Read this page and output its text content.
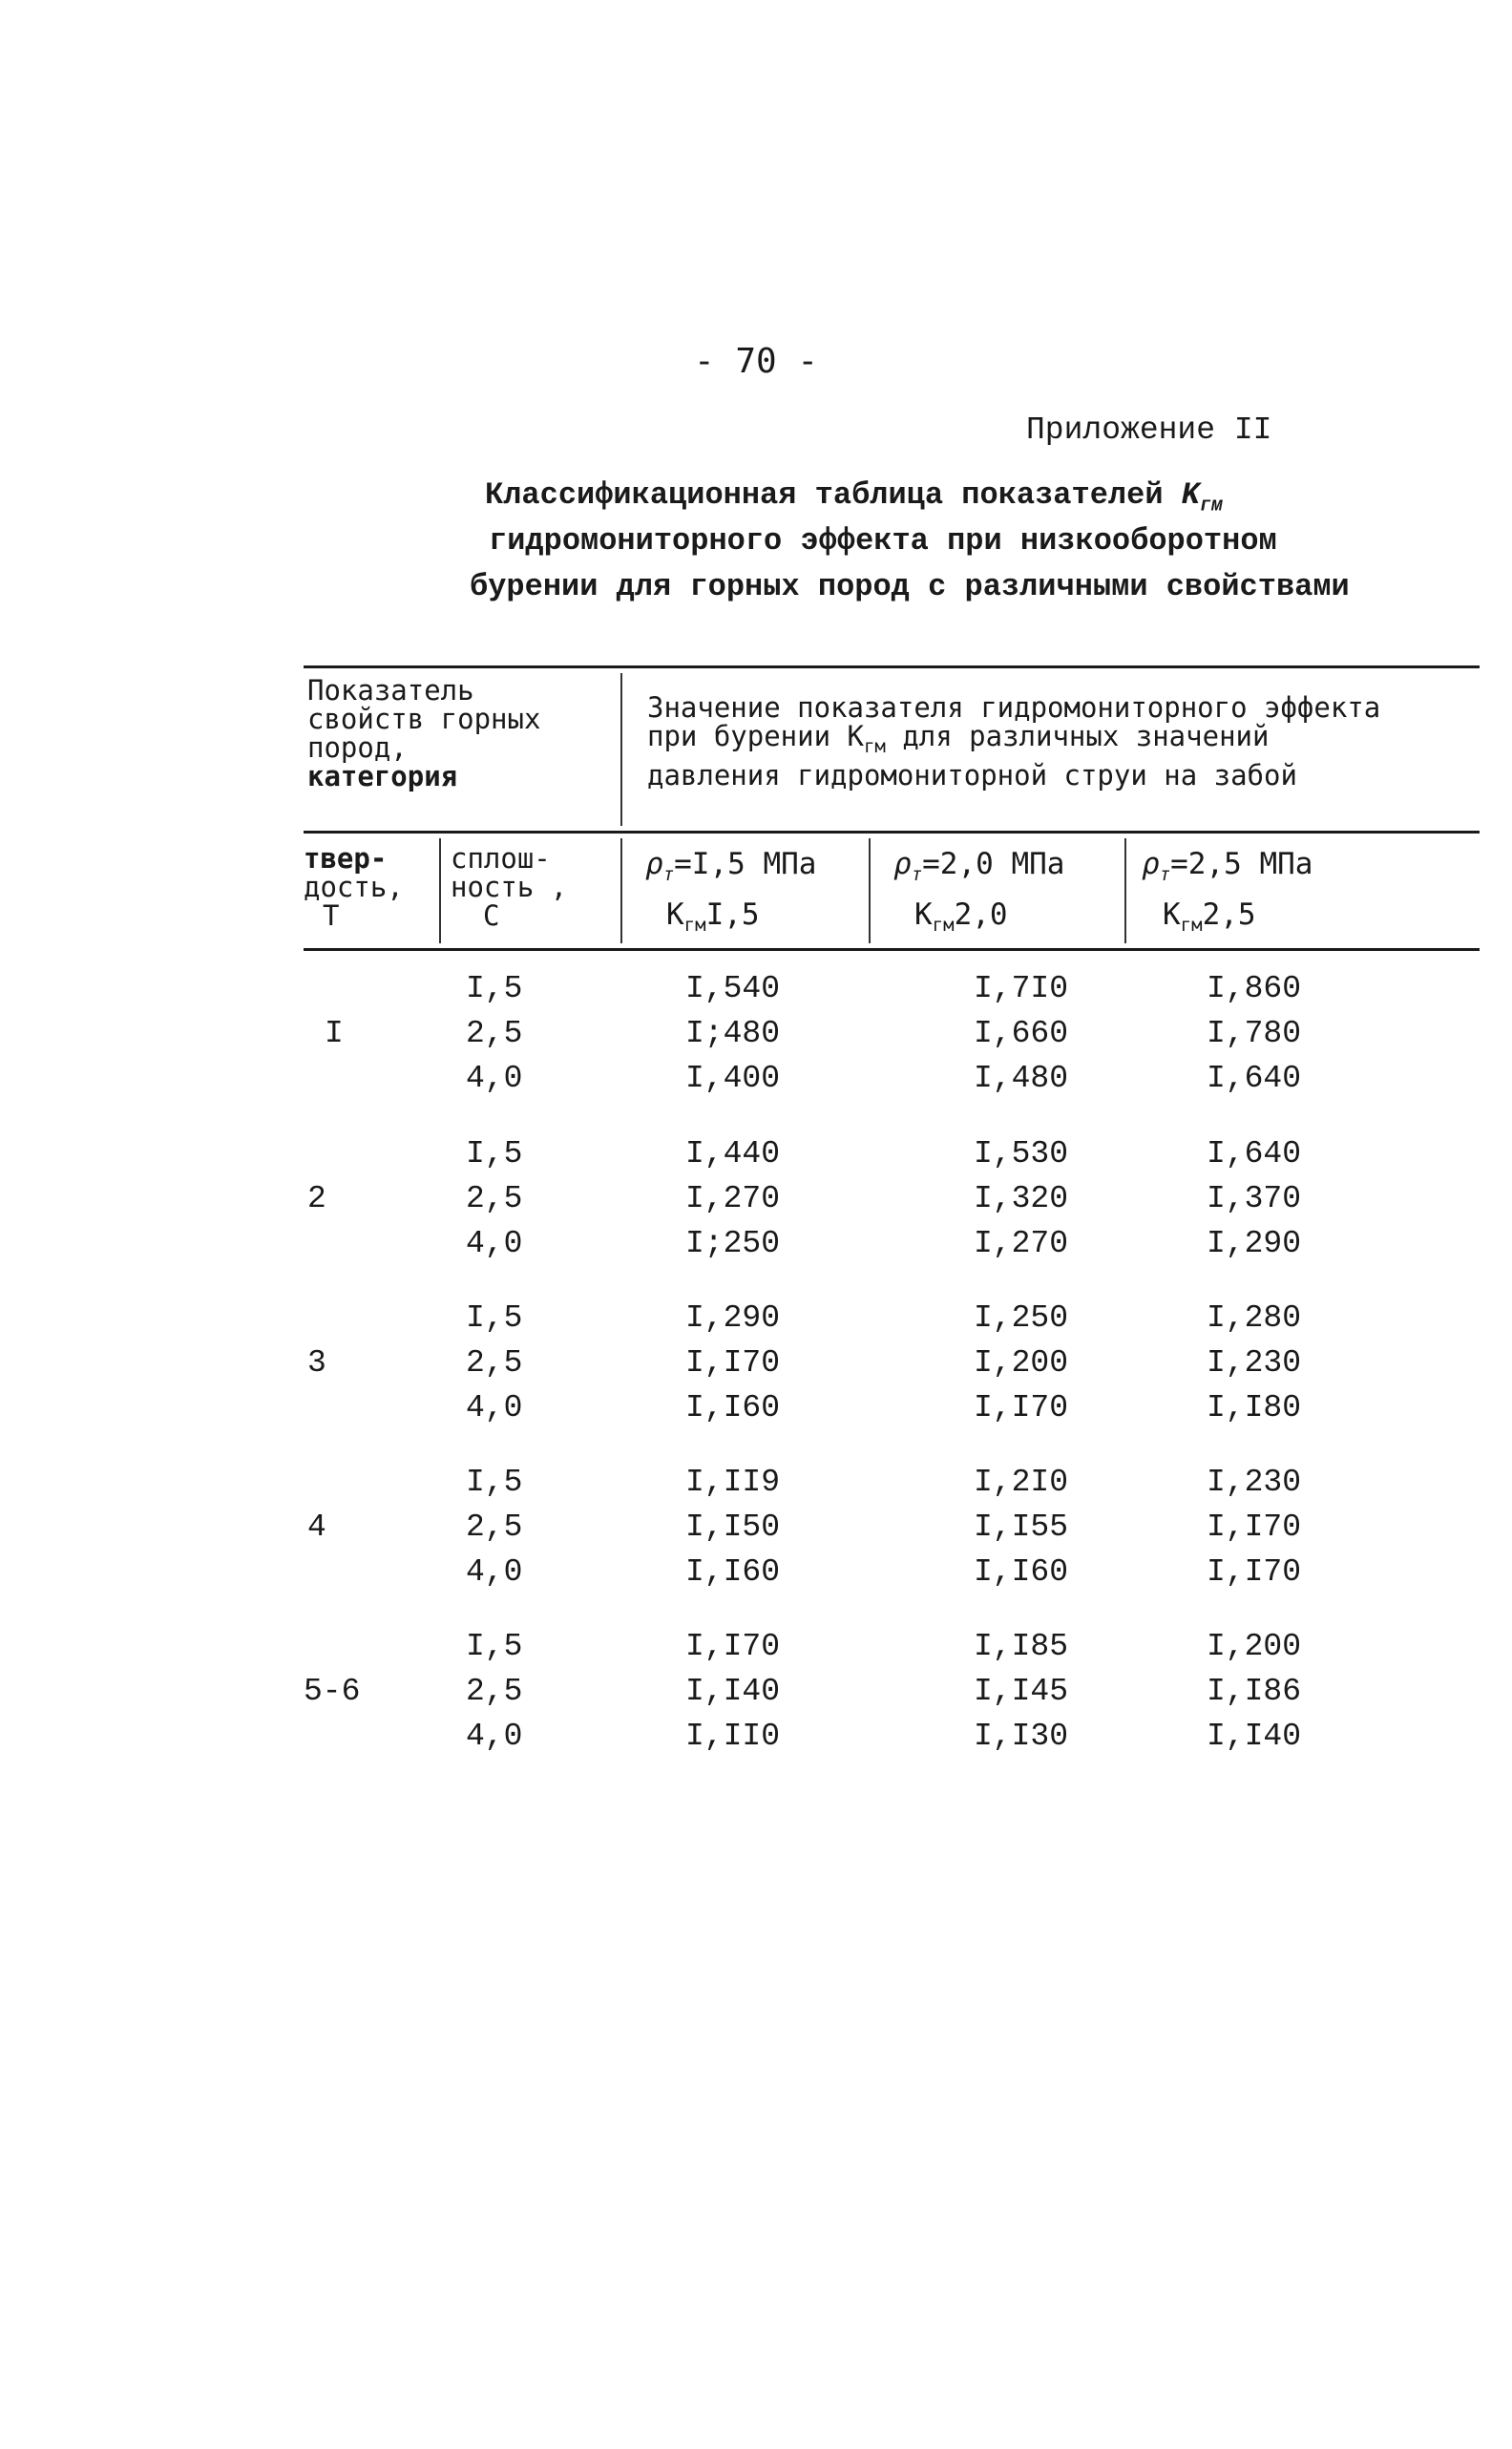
- 70 -
Приложение II
Классификационная таблица показателей $K_{гм}$
гидромониторного эффекта при низкооборотном
бурении для горных пород с различными свойствами
Показатель
свойств горных
пород,
категория
Значение показателя гидромониторного эффекта
при бурении $K_{гм}$ для различных значений
давления гидромониторной струи на забой
твер-
дость,
T
сплош-
ность ,
C
$\rho_т=I,5$ МПа
$K_{гм}I,5$
$\rho_т=2,0$ МПа
$K_{гм}2,0$
$\rho_т=2,5$ МПа
$K_{гм}2,5$
I
I,5
2,5
4,0
I,540
I;480
I,400
I,7I0
I,660
I,480
I,860
I,780
I,640
2
I,5
2,5
4,0
I,440
I,270
I;250
I,530
I,320
I,270
I,640
I,370
I,290
3
I,5
2,5
4,0
I,290
I,I70
I,I60
I,250
I,200
I,I70
I,280
I,230
I,I80
4
I,5
2,5
4,0
I,II9
I,I50
I,I60
I,2I0
I,I55
I,I60
I,230
I,I70
I,I70
5-6
I,5
2,5
4,0
I,I70
I,I40
I,II0
I,I85
I,I45
I,I30
I,200
I,I86
I,I40
